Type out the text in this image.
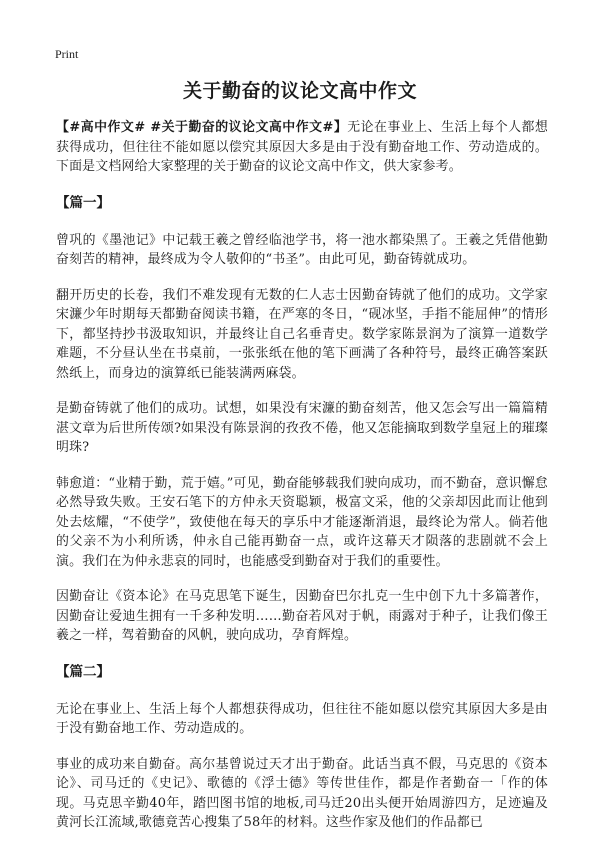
Print
关于勤奋的议论文高中作文

【#高中作文# #关于勤奋的议论文高中作文#】无论在事业上、生活上每个人都想获得成功，但往往不能如愿以偿究其原因大多是由于没有勤奋地工作、劳动造成的。下面是文档网给大家整理的关于勤奋的议论文高中作文，供大家参考。

【篇一】

曾巩的《墨池记》中记载王羲之曾经临池学书，将一池水都染黑了。王羲之凭借他勤奋刻苦的精神，最终成为令人敬仰的“书圣”。由此可见，勤奋铸就成功。

翻开历史的长卷，我们不难发现有无数的仁人志士因勤奋铸就了他们的成功。文学家宋濂少年时期每天都勤奋阅读书籍，在严寒的冬日，“砚冰坚，手指不能屈伸”的情形下，都坚持抄书汲取知识，并最终让自己名垂青史。数学家陈景润为了演算一道数学难题，不分昼认坐在书桌前，一张张纸在他的笔下画满了各种符号，最终正确答案跃然纸上，而身边的演算纸已能装满两麻袋。

是勤奋铸就了他们的成功。试想，如果没有宋濂的勤奋刻苦，他又怎会写出一篇篇精湛文章为后世所传颂?如果没有陈景润的孜孜不倦，他又怎能摘取到数学皇冠上的璀璨明珠?

韩愈道：“业精于勤，荒于嬉。”可见，勤奋能够载我们驶向成功，而不勤奋，意识懈怠必然导致失败。王安石笔下的方仲永天资聪颖，极富文采，他的父亲却因此而让他到处去炫耀，“不使学”，致使他在每天的享乐中才能逐渐消退，最终论为常人。倘若他的父亲不为小利所诱，仲永自己能再勤奋一点，或许这幕天才陨落的悲剧就不会上演。我们在为仲永悲哀的同时，也能感受到勤奋对于我们的重要性。

因勤奋让《资本论》在马克思笔下诞生，因勤奋巴尔扎克一生中创下九十多篇著作，因勤奋让爱迪生拥有一千多种发明……勤奋若风对于帆，雨露对于种子，让我们像王羲之一样，驾着勤奋的风帆，驶向成功，孕育辉煌。

【篇二】

无论在事业上、生活上每个人都想获得成功，但往往不能如愿以偿究其原因大多是由于没有勤奋地工作、劳动造成的。

事业的成功来自勤奋。高尔基曾说过天才出于勤奋。此话当真不假，马克思的《资本论》、司马迁的《史记》、歌德的《浮士德》等传世佳作，都是作者勤奋一「作的体现。马克思辛勤40年，踏凹图书馆的地板,司马迁20出头便开始周游四方，足迹遍及黄河长江流域,歌德竟苦心搜集了58年的材料。这些作家及他们的作品都已
